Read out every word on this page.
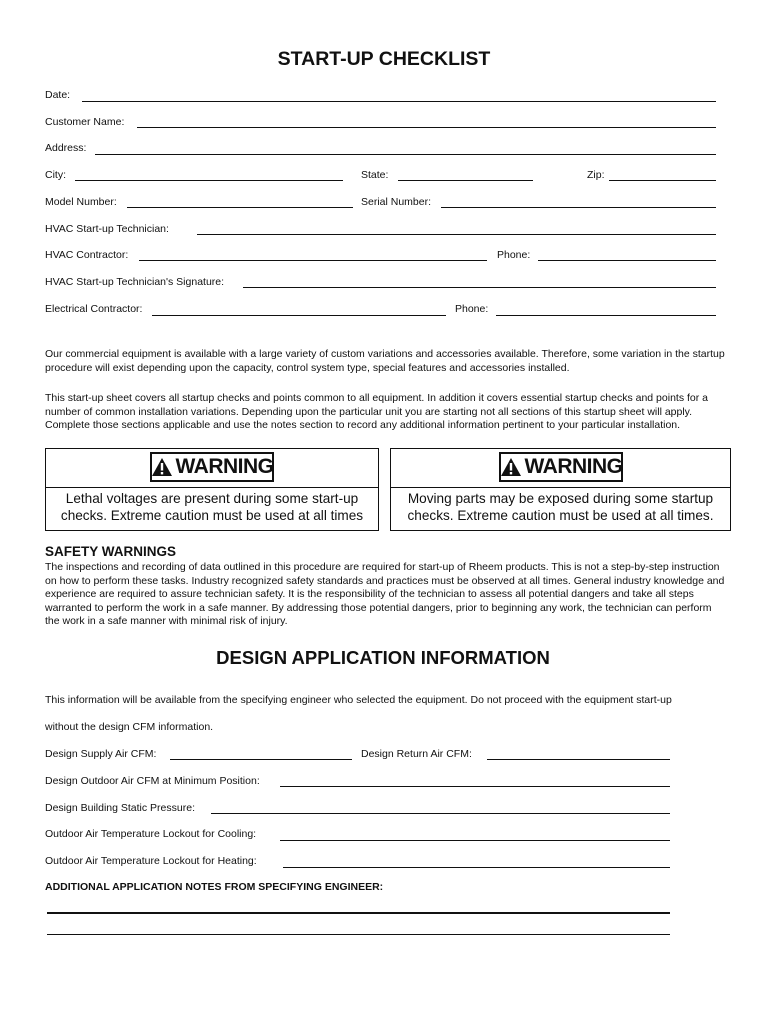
START-UP CHECKLIST
Date:
Customer Name:
Address:
City:	State:	Zip:
Model Number:	Serial Number:
HVAC Start-up Technician:
HVAC Contractor:	Phone:
HVAC Start-up Technician's Signature:
Electrical Contractor:	Phone:
Our commercial equipment is available with a large variety of custom variations and accessories available. Therefore, some variation in the startup procedure will exist depending upon the capacity, control system type, special features and accessories installed.
This start-up sheet covers all startup checks and points common to all equipment. In addition it covers essential startup checks and points for a number of common installation variations. Depending upon the particular unit you are starting not all sections of this startup sheet will apply. Complete those sections applicable and use the notes section to record any additional information pertinent to your particular installation.
WARNING
Lethal voltages are present during some start-up checks. Extreme caution must be used at all times
WARNING
Moving parts may be exposed during some startup checks. Extreme caution must be used at all times.
SAFETY WARNINGS
The inspections and recording of data outlined in this procedure are required for start-up of Rheem products. This is not a step-by-step instruction on how to perform these tasks. Industry recognized safety standards and practices must be observed at all times. General industry knowledge and experience are required to assure technician safety. It is the responsibility of the technician to assess all potential dangers and take all steps warranted to perform the work in a safe manner. By addressing those potential dangers, prior to beginning any work, the technician can perform the work in a safe manner with minimal risk of injury.
DESIGN APPLICATION INFORMATION
This information will be available from the specifying engineer who selected the equipment. Do not proceed with the equipment start-up
without the design CFM information.
Design Supply Air CFM:	Design Return Air CFM:
Design Outdoor Air CFM at Minimum Position:
Design Building Static Pressure:
Outdoor Air Temperature Lockout for Cooling:
Outdoor Air Temperature Lockout for Heating:
ADDITIONAL APPLICATION NOTES FROM SPECIFYING ENGINEER:
